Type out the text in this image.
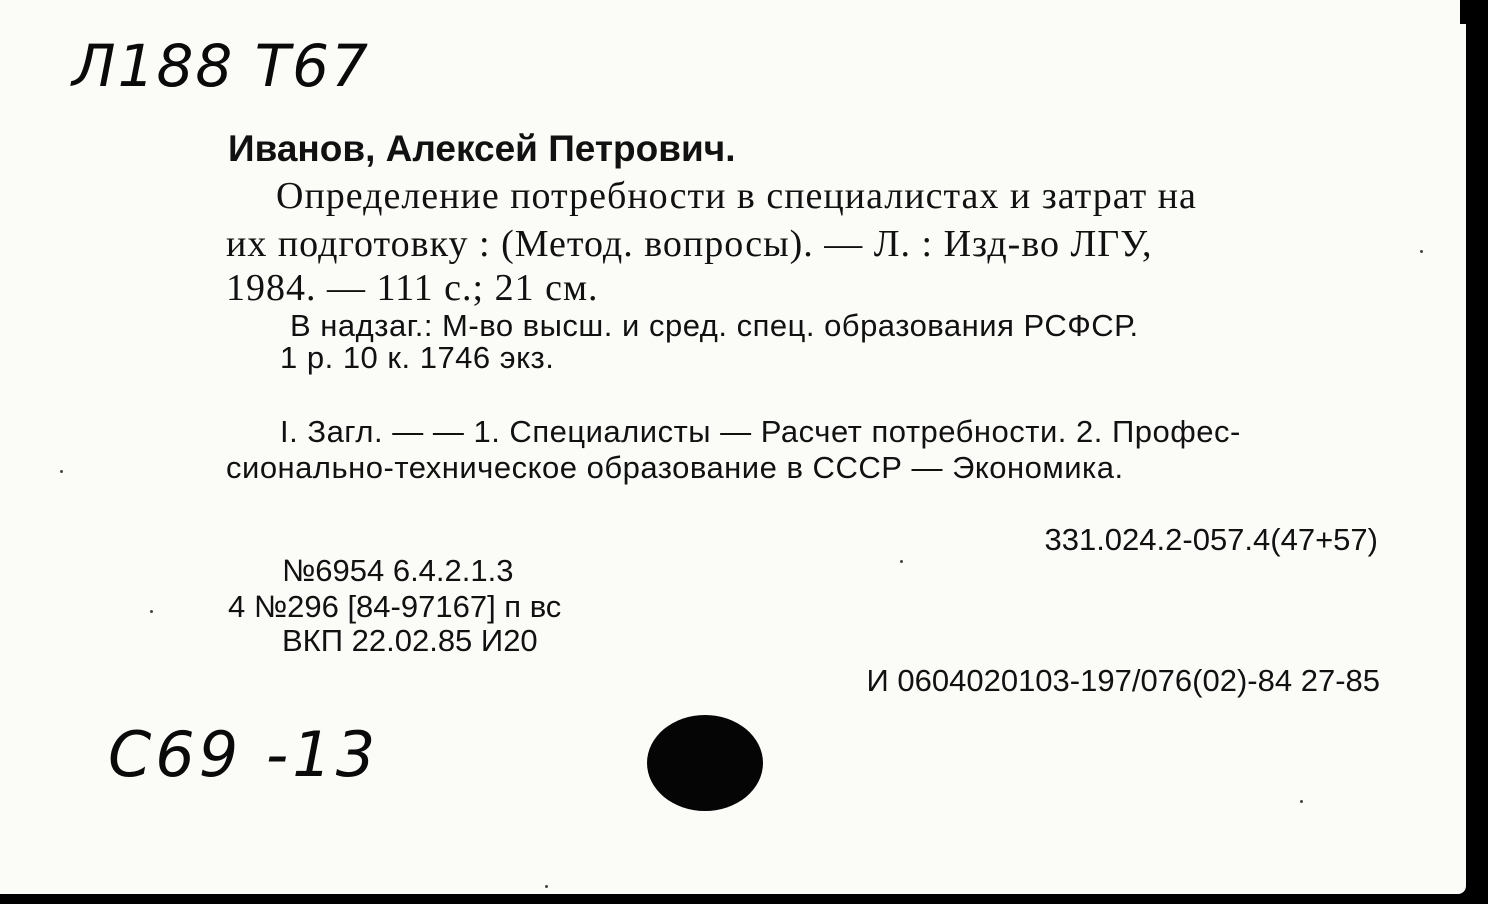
Л188 Т67
Иванов, Алексей Петрович.
Определение потребности в специалистах и затрат на
их подготовку : (Метод. вопросы). — Л. : Изд-во ЛГУ,
1984. — 111 с.; 21 см.
В надзаг.: М-во высш. и сред. спец. образования РСФСР.
1 р. 10 к. 1746 экз.
I. Загл. — — 1. Специалисты — Расчет потребности. 2. Профес-
сионально-техническое образование в СССР — Экономика.
331.024.2-057.4(47+57)
№6954 6.4.2.1.3
4 №296 [84-97167] п вс
ВКП 22.02.85 И20
И 0604020103-197/076(02)-84 27-85
С69 -13
